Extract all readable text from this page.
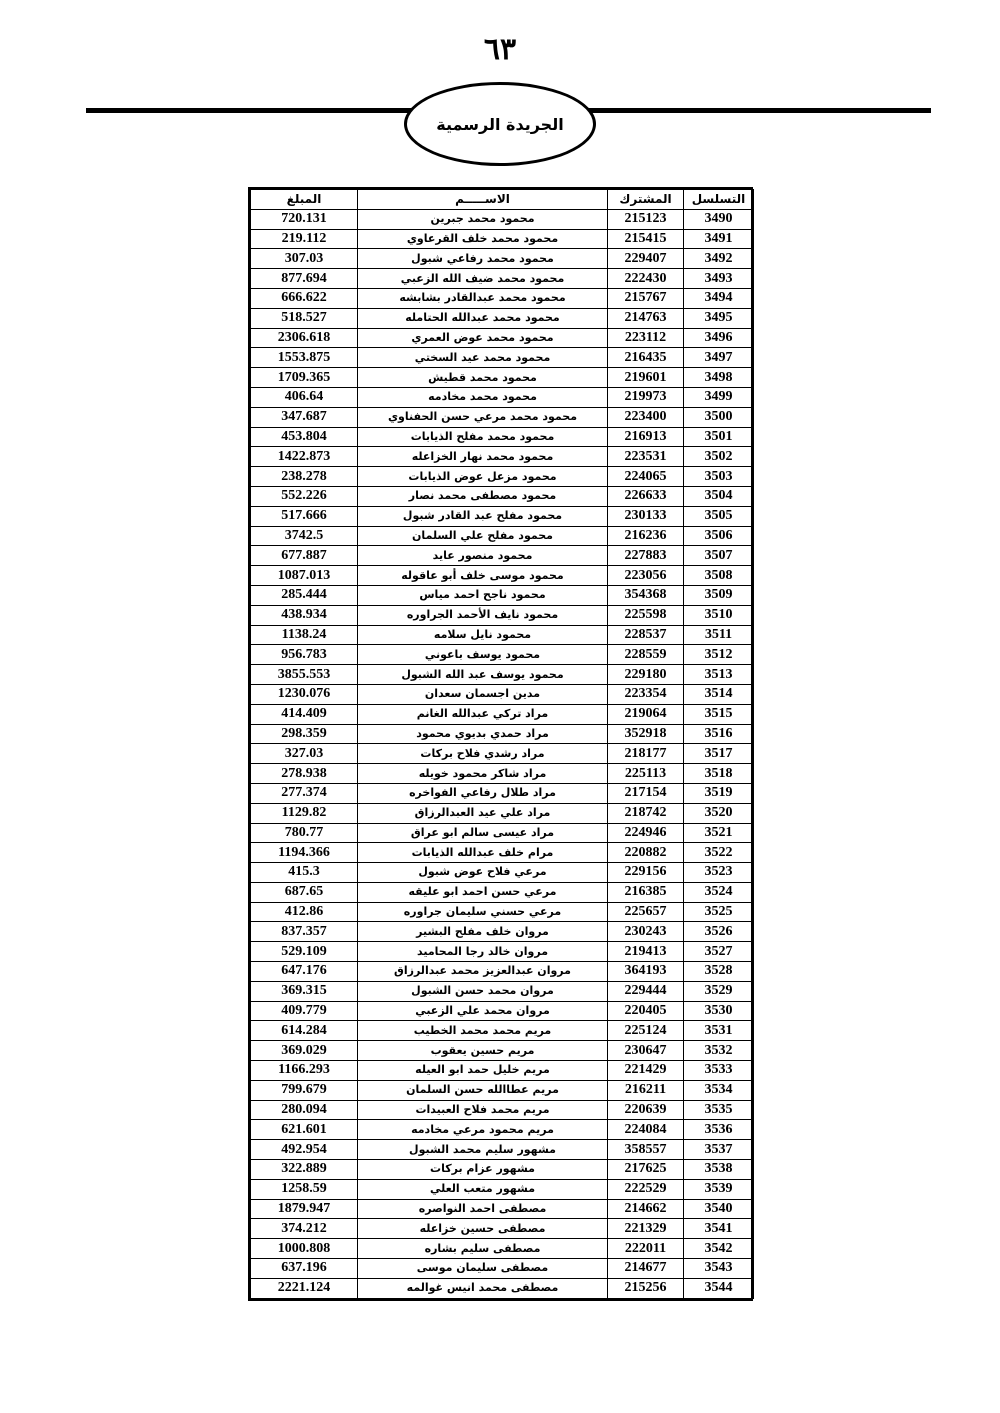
٦٣
الجريدة الرسمية
التسلسل	المشترك	الاســـــم	المبلغ
3490	215123	محمود محمد جبرين	720.131
3491	215415	محمود محمد خلف القرعاوي	219.112
3492	229407	محمود محمد رفاعي شبول	307.03
3493	222430	محمود محمد ضيف الله الزعبي	877.694
3494	215767	محمود محمد عبدالقادر بشابشه	666.622
3495	214763	محمود محمد عبدالله الحتامله	518.527
3496	223112	محمود محمد عوض العمري	2306.618
3497	216435	محمود محمد عيد السختي	1553.875
3498	219601	محمود محمد قطيش	1709.365
3499	219973	محمود محمد مخادمه	406.64
3500	223400	محمود محمد مرعي حسن الحفناوي	347.687
3501	216913	محمود محمد مفلح الذيابات	453.804
3502	223531	محمود محمد نهار الخزاعله	1422.873
3503	224065	محمود مزعل عوض الذيابات	238.278
3504	226633	محمود مصطفى محمد نصار	552.226
3505	230133	محمود مفلح عبد القادر شبول	517.666
3506	216236	محمود مفلح علي السلمان	3742.5
3507	227883	محمود منصور عايد	677.887
3508	223056	محمود موسى خلف أبو عاقوله	1087.013
3509	354368	محمود ناجح احمد مياس	285.444
3510	225598	محمود نايف الأحمد الجراوره	438.934
3511	228537	محمود نايل سلامه	1138.24
3512	228559	محمود يوسف باعوني	956.783
3513	229180	محمود يوسف عبد الله الشبول	3855.553
3514	223354	مدين اجسمان سعدان	1230.076
3515	219064	مراد تركي عبدالله الغانم	414.409
3516	352918	مراد حمدي بديوي محمود	298.359
3517	218177	مراد رشدي فلاح بركات	327.03
3518	225113	مراد شاكر محمود خويله	278.938
3519	217154	مراد طلال رفاعي الفواخره	277.374
3520	218742	مراد علي عيد العبدالرزاق	1129.82
3521	224946	مراد عيسى سالم ابو عراق	780.77
3522	220882	مرام خلف عبدالله الذيابات	1194.366
3523	229156	مرعي فلاح عوض شبول	415.3
3524	216385	مرعي حسن احمد ابو عليقه	687.65
3525	225657	مرعي حسني سليمان جراوره	412.86
3526	230243	مروان خلف مفلح البشير	837.357
3527	219413	مروان خالد رجا المحاميد	529.109
3528	364193	مروان عبدالعزيز محمد عبدالرزاق	647.176
3529	229444	مروان محمد حسن الشبول	369.315
3530	220405	مروان محمد علي الزعبي	409.779
3531	225124	مريم محمد محمد الخطيب	614.284
3532	230647	مريم حسين يعقوب	369.029
3533	221429	مريم خليل حمد ابو العيله	1166.293
3534	216211	مريم عطاالله حسن السلمان	799.679
3535	220639	مريم محمد فلاح العبيدات	280.094
3536	224084	مريم محمود مرعي مخادمه	621.601
3537	358557	مشهور سليم محمد الشبول	492.954
3538	217625	مشهور عزام بركات	322.889
3539	222529	مشهور متعب العلي	1258.59
3540	214662	مصطفى احمد النواصره	1879.947
3541	221329	مصطفى حسين خزاعله	374.212
3542	222011	مصطفى سليم بشاره	1000.808
3543	214677	مصطفى سليمان موسى	637.196
3544	215256	مصطفى محمد انيس غوالمه	2221.124
